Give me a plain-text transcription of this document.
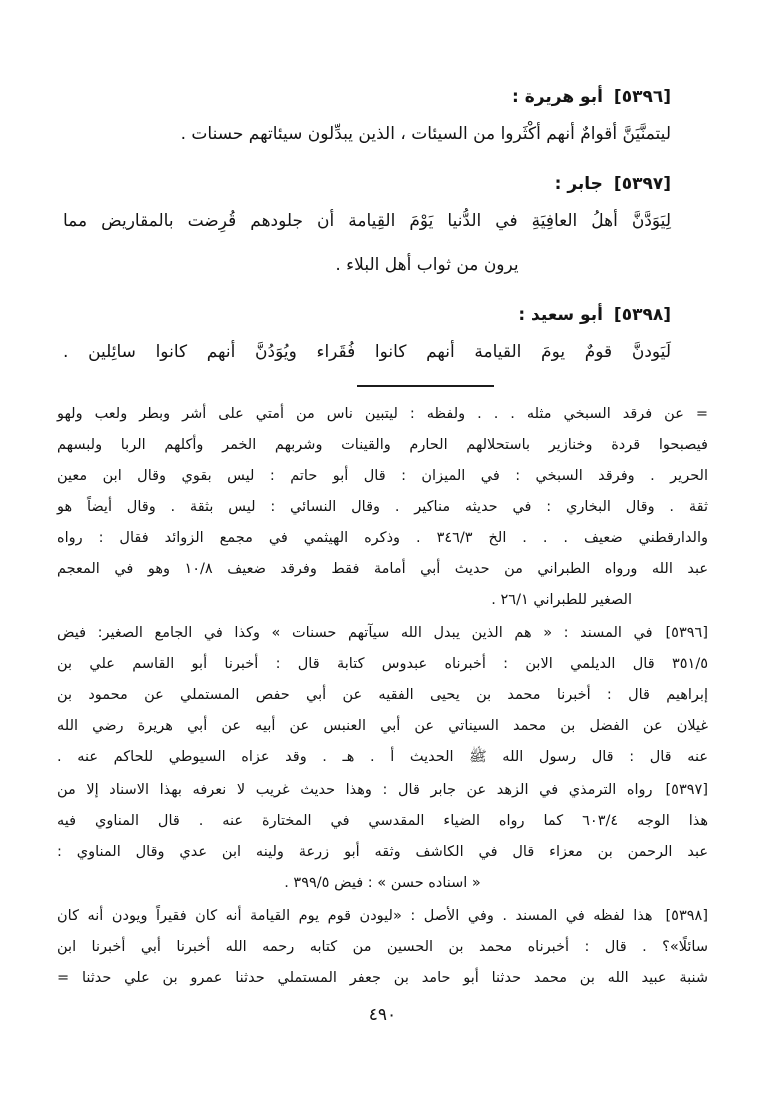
[٥٣٩٦]أبو هريرة :
ليتمنَّيَنَّ أقوامٌ أنهم أكْثَروا من السيئات ، الذين يبدِّلون سيئاتهم حسنات .
[٥٣٩٧]جابر :
لِيَوَدَّنَّ أهلُ العافِيَةِ في الدُّنيا يَوْمَ القِيامة أن جلودهم قُرِضت بالمقاريض مما
يرون من ثواب أهل البلاء .
[٥٣٩٨]أبو سعيد :
لَيَودنَّ قومٌ يومَ القيامة أنهم كانوا فُقَراء ويُوَدُنَّ أنهم كانوا سائِلين .
= عن فرقد السبخي مثله . . . ولفظه : ليتبين ناس من أمتي على أشر وبطر ولعب ولهو
فيصبحوا قردة وخنازير باستحلالهم الحارم والقينات وشربهم الخمر وأكلهم الربا ولبسهم
الحرير . وفرقد السبخي : في الميزان : قال أبو حاتم : ليس بقوي وقال ابن معين
ثقة . وقال البخاري : في حديثه مناكير . وقال النسائي : ليس بثقة . وقال أيضاً هو
والدارقطني ضعيف . . . الخ ٣٤٦/٣ . وذكره الهيثمي في مجمع الزوائد فقال : رواه
عبد الله ورواه الطبراني من حديث أبي أمامة فقط وفرقد ضعيف ١٠/٨ وهو في المعجم
الصغير للطبراني ٢٦/١ .
[٥٣٩٦]في المسند : « هم الذين يبدل الله سيآتهم حسنات » وكذا في الجامع الصغير: فيض
٣٥١/٥ قال الديلمي الابن : أخبرناه عبدوس كتابة قال : أخبرنا أبو القاسم علي بن
إبراهيم قال : أخبرنا محمد بن يحيى الفقيه عن أبي حفص المستملي عن محمود بن
غيلان عن الفضل بن محمد السيناتي عن أبي العنبس عن أبيه عن أبي هريرة رضي الله
عنه قال : قال رسول الله ﷺ الحديث أ . هـ . وقد عزاه السيوطي للحاكم عنه .
[٥٣٩٧]رواه الترمذي في الزهد عن جابر قال : وهذا حديث غريب لا نعرفه بهذا الاسناد إلا من
هذا الوجه ٦٠٣/٤ كما رواه الضياء المقدسي في المختارة عنه . قال المناوي فيه
عبد الرحمن بن معزاء قال في الكاشف وثقه أبو زرعة ولينه ابن عدي وقال المناوي :
« اسناده حسن » : فيض ٣٩٩/٥ .
[٥٣٩٨]هذا لفظه في المسند . وفي الأصل : «ليودن قوم يوم القيامة أنه كان فقيراً ويودن أنه كان
سائلًا»؟ . قال : أخبرناه محمد بن الحسين من كتابه رحمه الله أخبرنا أبي أخبرنا ابن
شنبة عبيد الله بن محمد حدثنا أبو حامد بن جعفر المستملي حدثنا عمرو بن علي حدثنا =
٤٩٠
